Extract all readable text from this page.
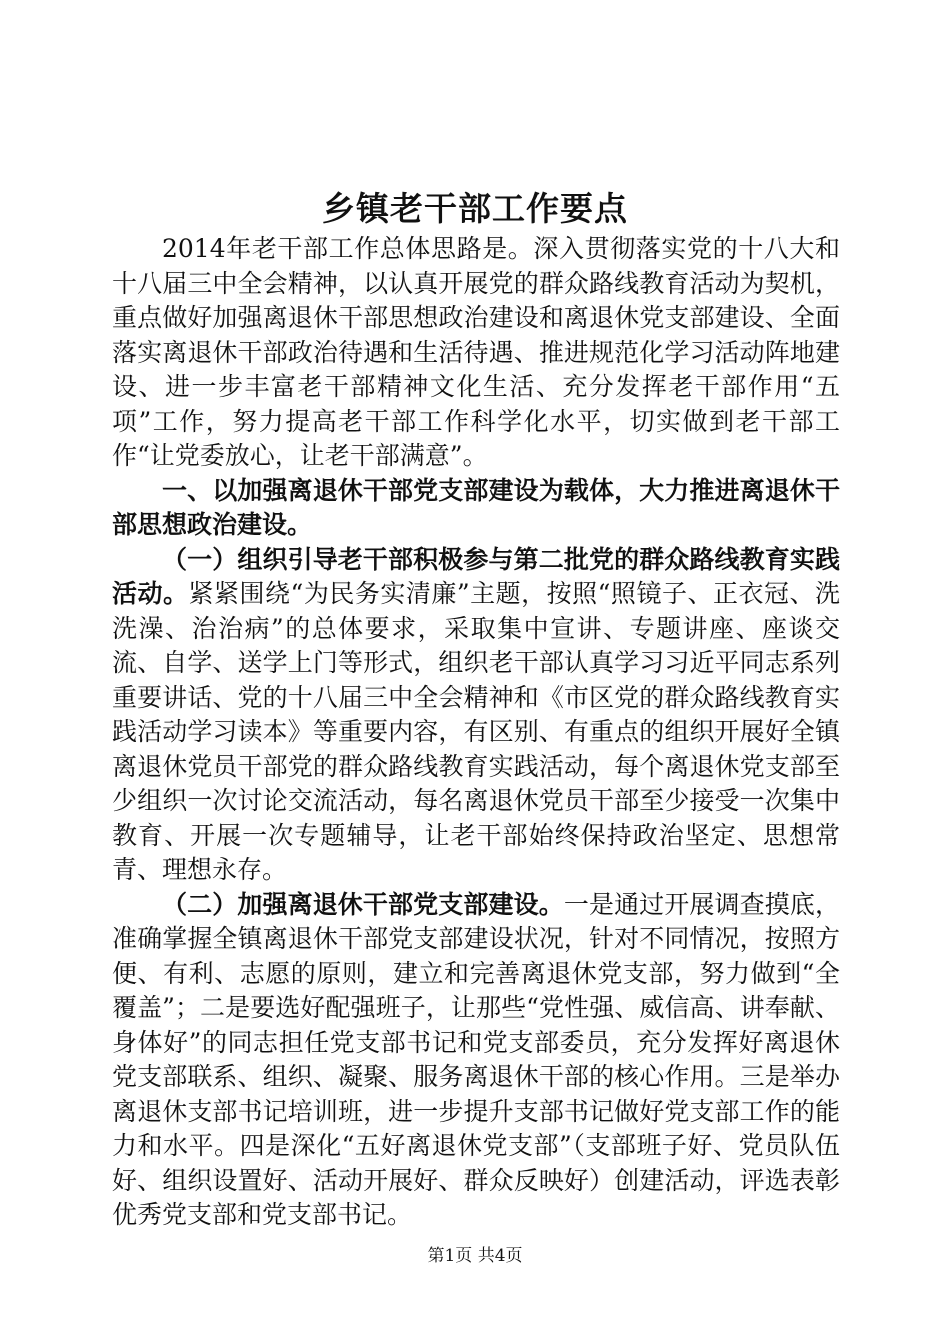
乡镇老干部工作要点

2014年老干部工作总体思路是。深入贯彻落实党的十八大和十八届三中全会精神，以认真开展党的群众路线教育活动为契机，重点做好加强离退休干部思想政治建设和离退休党支部建设、全面落实离退休干部政治待遇和生活待遇、推进规范化学习活动阵地建设、进一步丰富老干部精神文化生活、充分发挥老干部作用“五项”工作，努力提高老干部工作科学化水平，切实做到老干部工作“让党委放心，让老干部满意”。

一、以加强离退休干部党支部建设为载体，大力推进离退休干部思想政治建设。

（一）组织引导老干部积极参与第二批党的群众路线教育实践活动。紧紧围绕“为民务实清廉”主题，按照“照镜子、正衣冠、洗洗澡、治治病”的总体要求，采取集中宣讲、专题讲座、座谈交流、自学、送学上门等形式，组织老干部认真学习习近平同志系列重要讲话、党的十八届三中全会精神和《市区党的群众路线教育实践活动学习读本》等重要内容，有区别、有重点的组织开展好全镇离退休党员干部党的群众路线教育实践活动，每个离退休党支部至少组织一次讨论交流活动，每名离退休党员干部至少接受一次集中教育、开展一次专题辅导，让老干部始终保持政治坚定、思想常青、理想永存。

（二）加强离退休干部党支部建设。一是通过开展调查摸底，准确掌握全镇离退休干部党支部建设状况，针对不同情况，按照方便、有利、志愿的原则，建立和完善离退休党支部，努力做到“全覆盖”；二是要选好配强班子，让那些“党性强、威信高、讲奉献、身体好”的同志担任党支部书记和党支部委员，充分发挥好离退休党支部联系、组织、凝聚、服务离退休干部的核心作用。三是举办离退休支部书记培训班，进一步提升支部书记做好党支部工作的能力和水平。四是深化“五好离退休党支部”（支部班子好、党员队伍好、组织设置好、活动开展好、群众反映好）创建活动，评选表彰优秀党支部和党支部书记。

第1页 共4页
